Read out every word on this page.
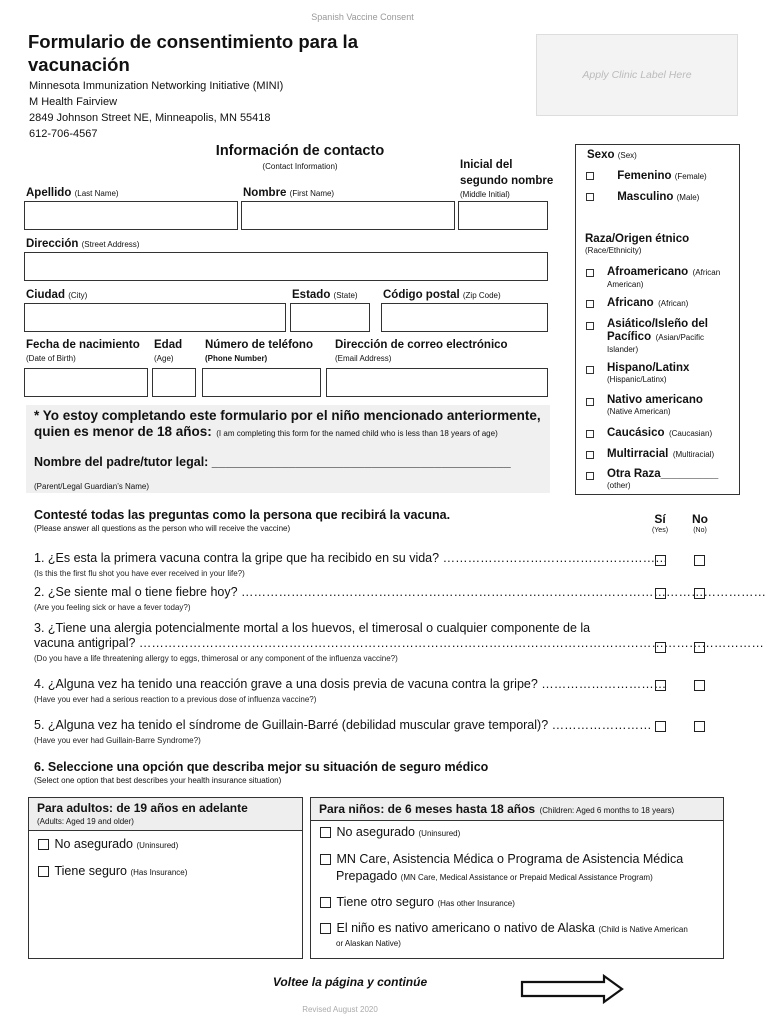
Spanish Vaccine Consent
Formulario de consentimiento para la
vacunación
Minnesota Immunization Networking Initiative (MINI)
M Health Fairview
2849 Johnson Street NE, Minneapolis, MN 55418
612-706-4567
Apply Clinic Label Here
Información de contacto
(Contact Information)
Apellido (Last Name)	Nombre (First Name)
Inicial del
segundo nombre
(Middle Initial)
Dirección (Street Address)
Ciudad (City)	Estado (State) Código postal (Zip Code)
Fecha de nacimiento
(Date of Birth)
Edad
(Age)
Número de teléfono
(Phone Number)
Dirección de correo electrónico
(Email Address)
Sexo (Sex)
Femenino (Female)
Masculino (Male)
Raza/Origen étnico
(Race/Ethnicity)
Afroamericano (African
American)
Africano (African)
Asiático/Isleño del
Pacífico (Asian/Pacific
Islander)
Hispano/Latinx
(Hispanic/Latinx)
Nativo americano
(Native American)
Caucásico (Caucasian)
Multirracial (Multiracial)
Otra Raza_________
(other)
* Yo estoy completando este formulario por el niño mencionado anteriormente,
quien es menor de 18 años: (I am completing this form for the named child who is less than 18 years of age)
Nombre del padre/tutor legal: ___________________________________________
(Parent/Legal Guardian’s Name)
Contesté todas las preguntas como la persona que recibirá la vacuna.
(Please answer all questions as the person who will receive the vaccine)
Sí
(Yes)
No
(No)
1. ¿Es esta la primera vacuna contra la gripe que ha recibido en su vida? ………………………………………………
(Is this the first flu shot you have ever received in your life?)
2. ¿Se siente mal o tiene fiebre hoy? ………………………………………………………………………………………………………………
(Are you feeling sick or have a fever today?)
3. ¿Tiene una alergia potencialmente mortal a los huevos, el timerosal o cualquier componente de la
vacuna antigripal? ……………………………………………………………………………………………………………………………………
(Do you have a life threatening allergy to eggs, thimerosal or any component of the influenza vaccine?)
4. ¿Alguna vez ha tenido una reacción grave a una dosis previa de vacuna contra la gripe? …………………………
(Have you ever had a serious reaction to a previous dose of influenza vaccine?)
5. ¿Alguna vez ha tenido el síndrome de Guillain-Barré (debilidad muscular grave temporal)? ……………………
(Have you ever had Guillain-Barre Syndrome?)
6. Seleccione una opción que describa mejor su situación de seguro médico
(Select one option that best describes your health insurance situation)
Para adultos: de 19 años en adelante
(Adults: Aged 19 and older)
No asegurado (Uninsured)
Tiene seguro (Has Insurance)
Para niños: de 6 meses hasta 18 años (Children: Aged 6 months to 18 years)
No asegurado (Uninsured)
MN Care, Asistencia Médica o Programa de Asistencia Médica
Prepagado (MN Care, Medical Assistance or Prepaid Medical Assistance Program)
Tiene otro seguro (Has other Insurance)
El niño es nativo americano o nativo de Alaska (Child is Native American
or Alaskan Native)
Voltee la página y continúe
Revised August 2020
